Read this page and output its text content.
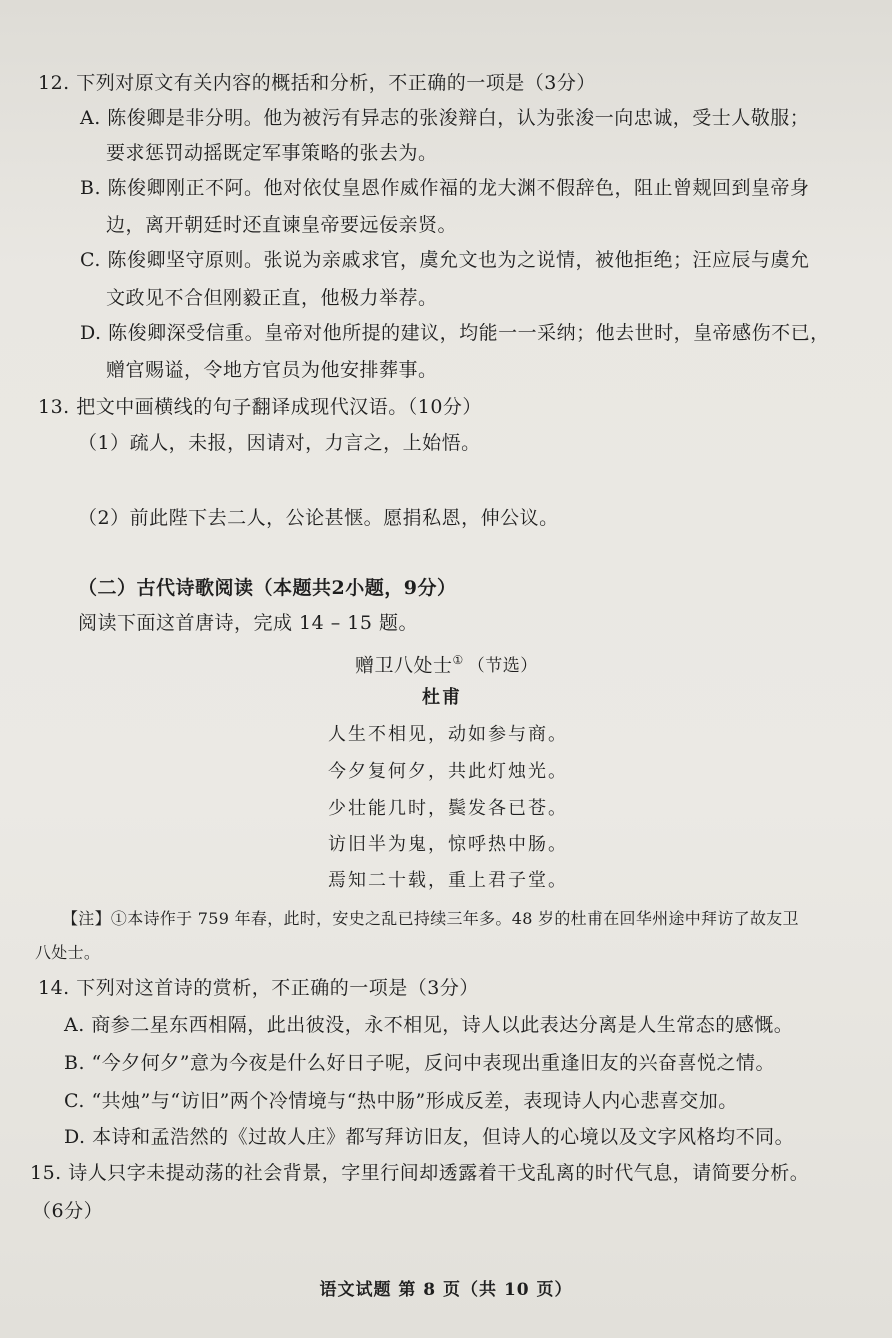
12. 下列对原文有关内容的概括和分析，不正确的一项是（3分）
A. 陈俊卿是非分明。他为被污有异志的张浚辩白，认为张浚一向忠诚，受士人敬服；
要求惩罚动摇既定军事策略的张去为。
B. 陈俊卿刚正不阿。他对依仗皇恩作威作福的龙大渊不假辞色，阻止曾觌回到皇帝身
边，离开朝廷时还直谏皇帝要远佞亲贤。
C. 陈俊卿坚守原则。张说为亲戚求官，虞允文也为之说情，被他拒绝；汪应辰与虞允
文政见不合但刚毅正直，他极力举荐。
D. 陈俊卿深受信重。皇帝对他所提的建议，均能一一采纳；他去世时，皇帝感伤不已，
赠官赐谥，令地方官员为他安排葬事。
13. 把文中画横线的句子翻译成现代汉语。（10分）
（1）疏人，未报，因请对，力言之，上始悟。
（2）前此陛下去二人，公论甚惬。愿捐私恩，伸公议。
（二）古代诗歌阅读（本题共2小题，9分）
阅读下面这首唐诗，完成 14 – 15 题。
赠卫八处士① （节选）
杜甫
人生不相见，动如参与商。
今夕复何夕，共此灯烛光。
少壮能几时，鬓发各已苍。
访旧半为鬼，惊呼热中肠。
焉知二十载，重上君子堂。
【注】①本诗作于 759 年春，此时，安史之乱已持续三年多。48 岁的杜甫在回华州途中拜访了故友卫
八处士。
14. 下列对这首诗的赏析，不正确的一项是（3分）
A. 商参二星东西相隔，此出彼没，永不相见，诗人以此表达分离是人生常态的感慨。
B. “今夕何夕”意为今夜是什么好日子呢，反问中表现出重逢旧友的兴奋喜悦之情。
C. “共烛”与“访旧”两个冷情境与“热中肠”形成反差，表现诗人内心悲喜交加。
D. 本诗和孟浩然的《过故人庄》都写拜访旧友，但诗人的心境以及文字风格均不同。
15. 诗人只字未提动荡的社会背景，字里行间却透露着干戈乱离的时代气息，请简要分析。
（6分）
语文试题 第 8 页（共 10 页）
